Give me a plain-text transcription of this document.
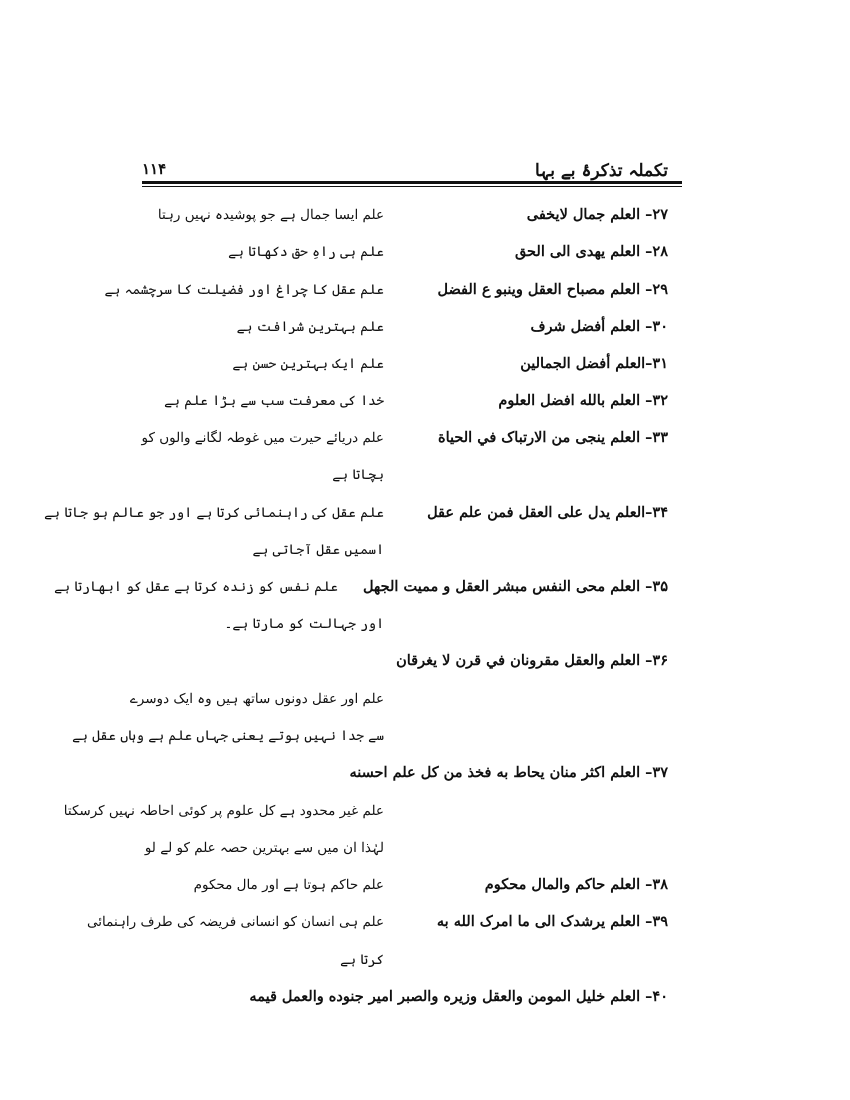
تکملہ تذکرۂ بے بہا
۱۱۴
۲۷– العلم جمال لایخفی
علم ایسا جمال ہے جو پوشیدہ نہیں رہتا
۲۸– العلم یهدی الی الحق
علم ہی راہِ حق دکھاتا ہے
۲۹– العلم مصباح العقل وینبو ع الفضل
علم عقل کا چراغ اور فضیلت کا سرچشمہ ہے
۳۰– العلم أفضل شرف
علم بہترین شرافت ہے
۳۱–العلم أفضل الجمالین
علم ایک بہترین حسن ہے
۳۲– العلم بالله افضل العلوم
خدا کی معرفت سب سے بڑا علم ہے
۳۳– العلم ینجی من الارتباک في الحیاة
علم دریائے حیرت میں غوطہ لگانے والوں کو
بچاتا ہے
۳۴–العلم یدل علی العقل فمن علم عقل
علم عقل کی راہنمائی کرتا ہے اور جو عالم ہو جاتا ہے
اسمیں عقل آجاتی ہے
۳۵– العلم محی النفس مبشر العقل و ممیت الجهل
علم نفس کو زندہ کرتا ہے عقل کو ابھارتا ہے
اور جہالت کو مارتا ہے۔
۳۶– العلم والعقل مقرونان في قرن لا یغرقان
علم اور عقل دونوں ساتھ ہیں وہ ایک دوسرے
سے جدا نہیں ہوتے یعنی جہاں علم ہے وہاں عقل ہے
۳۷– العلم اکثر منان یحاط به فخذ من کل علم احسنه
علم غیر محدود ہے کل علوم پر کوئی احاطہ نہیں کرسکتا
لہٰذا ان میں سے بہترین حصہ علم کو لے لو
۳۸– العلم حاکم والمال محکوم
علم حاکم ہوتا ہے اور مال محکوم
۳۹– العلم یرشدک الی ما امرک الله به
علم ہی انسان کو انسانی فریضہ کی طرف راہنمائی
کرتا ہے
۴۰– العلم خلیل المومن والعقل وزیره والصبر امیر جنوده والعمل قیمه
